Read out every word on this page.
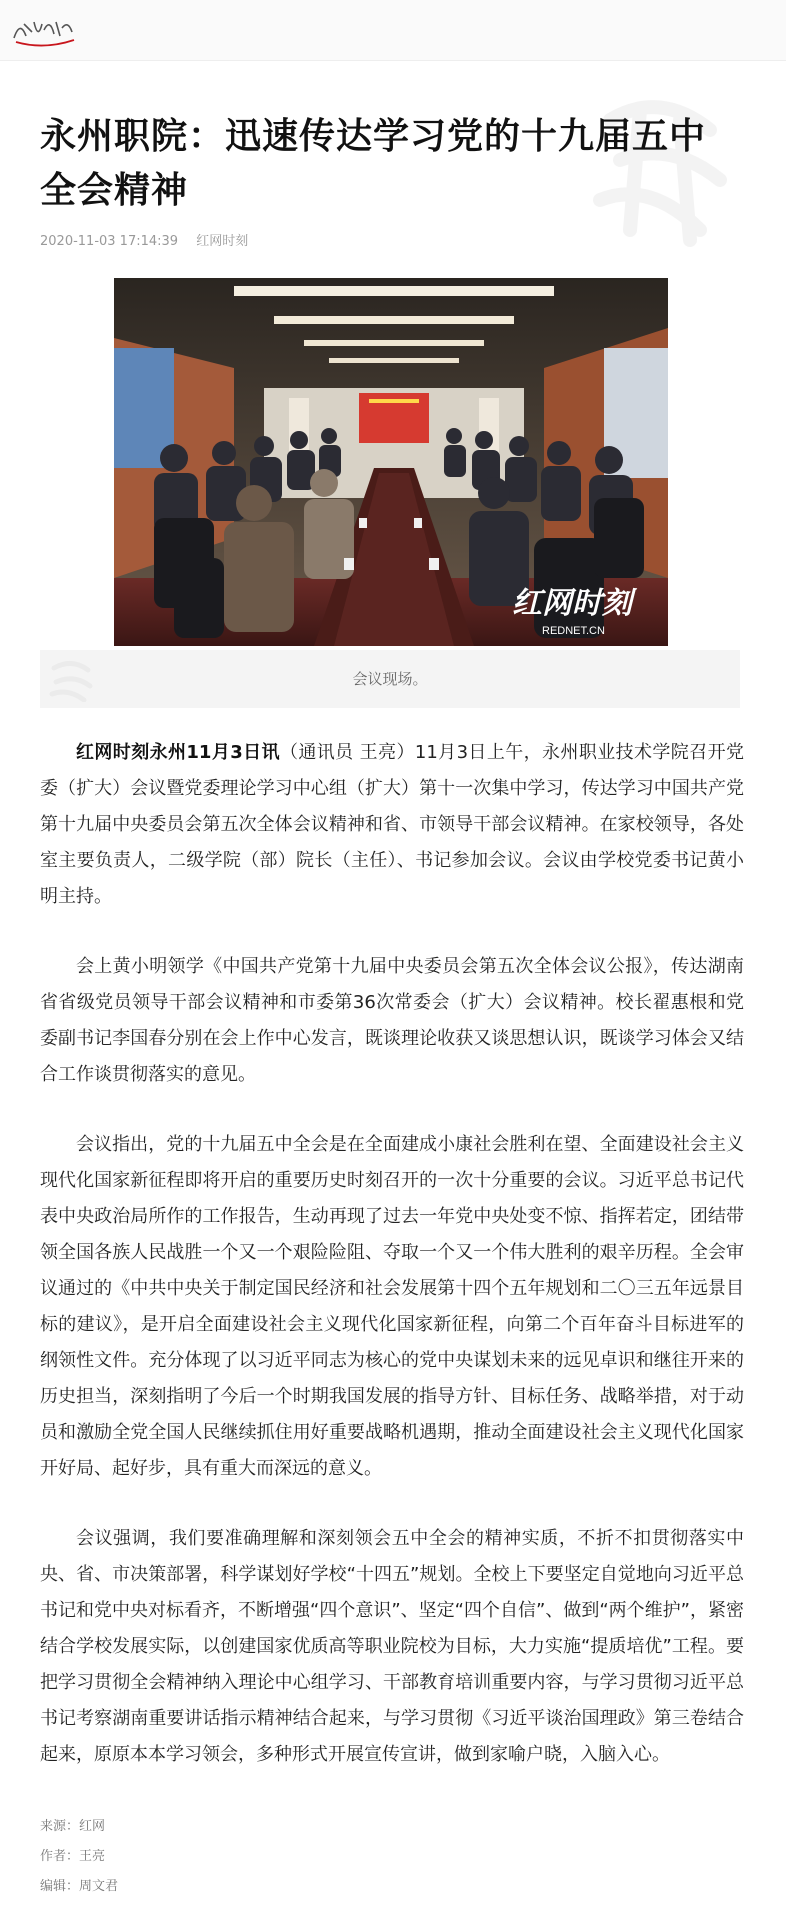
永州职院：迅速传达学习党的十九届五中全会精神
2020-11-03 17:14:39 红网时刻
红网时刻
REDNET.CN
会议现场。

红网时刻永州11月3日讯（通讯员 王亮）11月3日上午，永州职业技术学院召开党委（扩大）会议暨党委理论学习中心组（扩大）第十一次集中学习，传达学习中国共产党第十九届中央委员会第五次全体会议精神和省、市领导干部会议精神。在家校领导，各处室主要负责人，二级学院（部）院长（主任）、书记参加会议。会议由学校党委书记黄小明主持。

会上黄小明领学《中国共产党第十九届中央委员会第五次全体会议公报》，传达湖南省省级党员领导干部会议精神和市委第36次常委会（扩大）会议精神。校长翟惠根和党委副书记李国春分别在会上作中心发言，既谈理论收获又谈思想认识，既谈学习体会又结合工作谈贯彻落实的意见。

会议指出，党的十九届五中全会是在全面建成小康社会胜利在望、全面建设社会主义现代化国家新征程即将开启的重要历史时刻召开的一次十分重要的会议。习近平总书记代表中央政治局所作的工作报告，生动再现了过去一年党中央处变不惊、指挥若定，团结带领全国各族人民战胜一个又一个艰险险阻、夺取一个又一个伟大胜利的艰辛历程。全会审议通过的《中共中央关于制定国民经济和社会发展第十四个五年规划和二〇三五年远景目标的建议》，是开启全面建设社会主义现代化国家新征程，向第二个百年奋斗目标进军的纲领性文件。充分体现了以习近平同志为核心的党中央谋划未来的远见卓识和继往开来的历史担当，深刻指明了今后一个时期我国发展的指导方针、目标任务、战略举措，对于动员和激励全党全国人民继续抓住用好重要战略机遇期，推动全面建设社会主义现代化国家开好局、起好步，具有重大而深远的意义。

会议强调，我们要准确理解和深刻领会五中全会的精神实质，不折不扣贯彻落实中央、省、市决策部署，科学谋划好学校“十四五”规划。全校上下要坚定自觉地向习近平总书记和党中央对标看齐，不断增强“四个意识”、坚定“四个自信”、做到“两个维护”，紧密结合学校发展实际，以创建国家优质高等职业院校为目标，大力实施“提质培优”工程。要把学习贯彻全会精神纳入理论中心组学习、干部教育培训重要内容，与学习贯彻习近平总书记考察湖南重要讲话指示精神结合起来，与学习贯彻《习近平谈治国理政》第三卷结合起来，原原本本学习领会，多种形式开展宣传宣讲，做到家喻户晓，入脑入心。

来源：红网
作者：王亮
编辑：周文君
